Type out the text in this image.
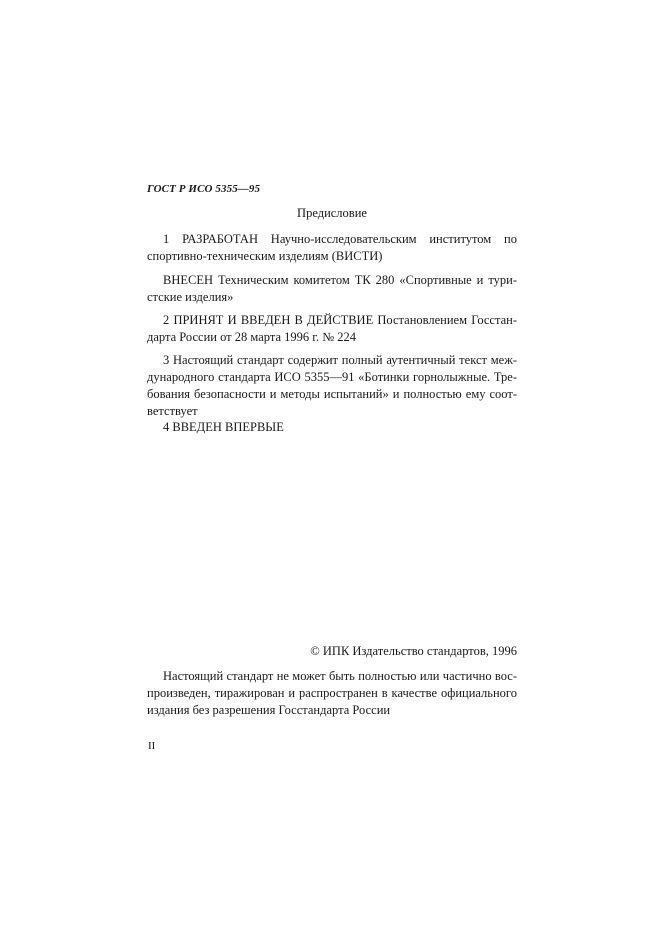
ГОСТ Р ИСО 5355—95
Предисловие
1 РАЗРАБОТАН Научно-исследовательским институтом по
спортивно-техническим изделиям (ВИСТИ)
ВНЕСЕН Техническим комитетом ТК 280 «Спортивные и тури-
стские изделия»
2 ПРИНЯТ И ВВЕДЕН В ДЕЙСТВИЕ Постановлением Госстан-
дарта России от 28 марта 1996 г. № 224
3 Настоящий стандарт содержит полный аутентичный текст меж-
дународного стандарта ИСО 5355—91 «Ботинки горнолыжные. Тре-
бования безопасности и методы испытаний» и полностью ему соот-
ветствует
4 ВВЕДЕН ВПЕРВЫЕ
© ИПК Издательство стандартов, 1996
Настоящий стандарт не может быть полностью или частично вос-
произведен, тиражирован и распространен в качестве официального
издания без разрешения Госстандарта России
II
